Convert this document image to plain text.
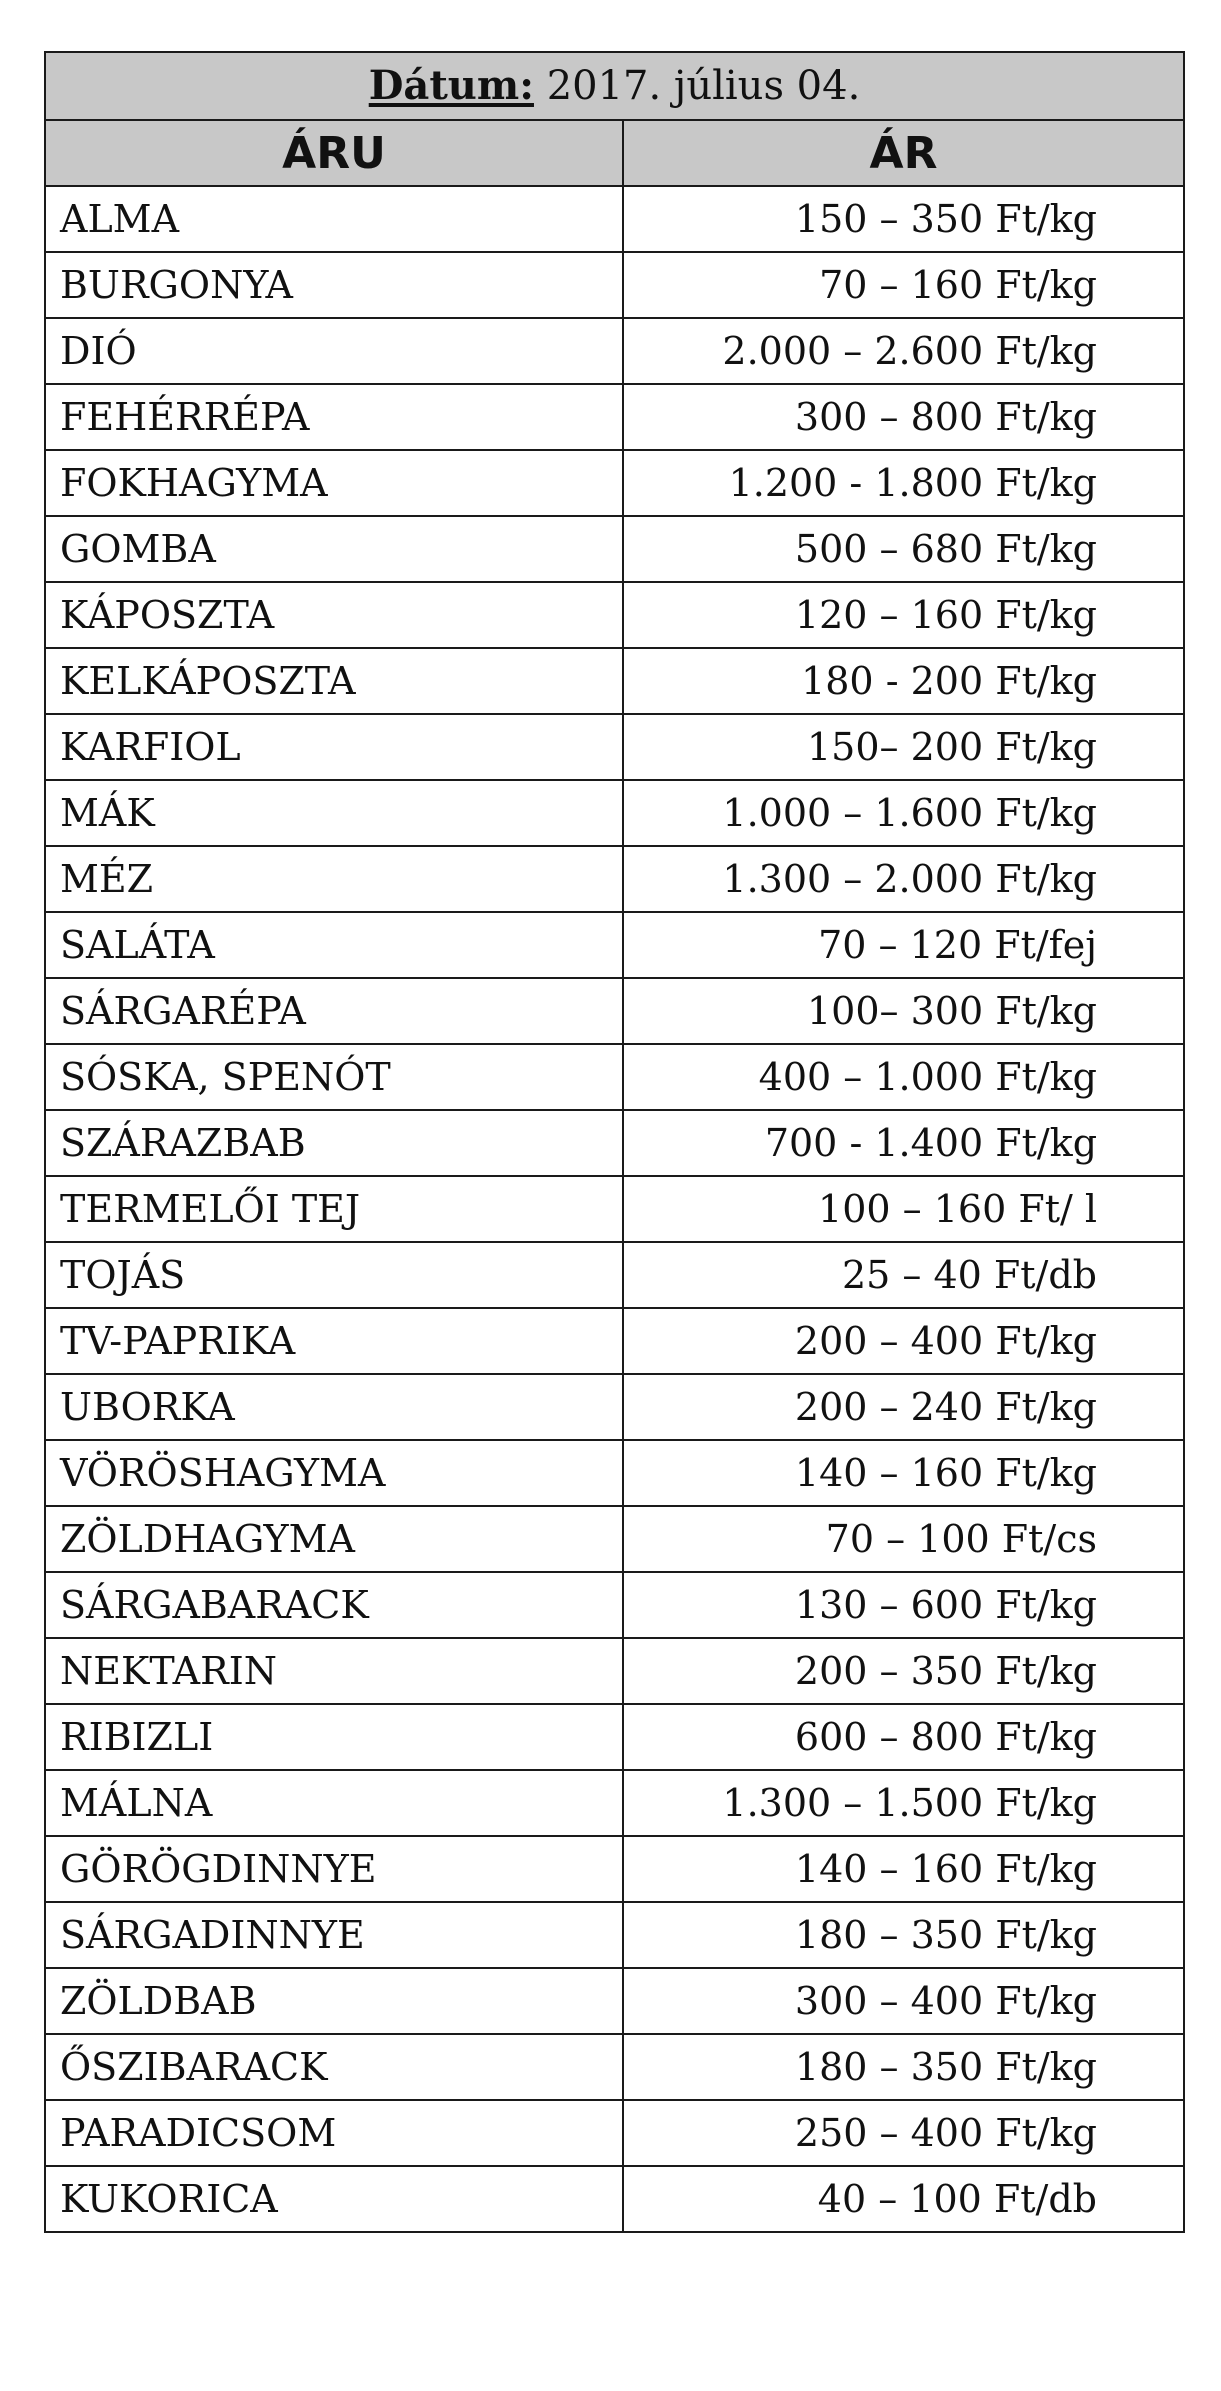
Dátum: 2017. július 04.	
ÁRU	ÁR
ALMA	150 – 350 Ft/kg
BURGONYA	70 – 160 Ft/kg
DIÓ	2.000 – 2.600 Ft/kg
FEHÉRRÉPA	300 – 800 Ft/kg
FOKHAGYMA	1.200 - 1.800 Ft/kg
GOMBA	500 – 680 Ft/kg
KÁPOSZTA	120 – 160 Ft/kg
KELKÁPOSZTA	180 - 200 Ft/kg
KARFIOL	150– 200 Ft/kg
MÁK	1.000 – 1.600 Ft/kg
MÉZ	1.300 – 2.000 Ft/kg
SALÁTA	70 – 120 Ft/fej
SÁRGARÉPA	100– 300 Ft/kg
SÓSKA, SPENÓT	400 – 1.000 Ft/kg
SZÁRAZBAB	700 - 1.400 Ft/kg
TERMELŐI TEJ	100 – 160 Ft/ l
TOJÁS	25 – 40 Ft/db
TV-PAPRIKA	200 – 400 Ft/kg
UBORKA	200 – 240 Ft/kg
VÖRÖSHAGYMA	140 – 160 Ft/kg
ZÖLDHAGYMA	70 – 100 Ft/cs
SÁRGABARACK	130 – 600 Ft/kg
NEKTARIN	200 – 350 Ft/kg
RIBIZLI	600 – 800 Ft/kg
MÁLNA	1.300 – 1.500 Ft/kg
GÖRÖGDINNYE	140 – 160 Ft/kg
SÁRGADINNYE	180 – 350 Ft/kg
ZÖLDBAB	300 – 400 Ft/kg
ŐSZIBARACK	180 – 350 Ft/kg
PARADICSOM	250 – 400 Ft/kg
KUKORICA	40 – 100 Ft/db
